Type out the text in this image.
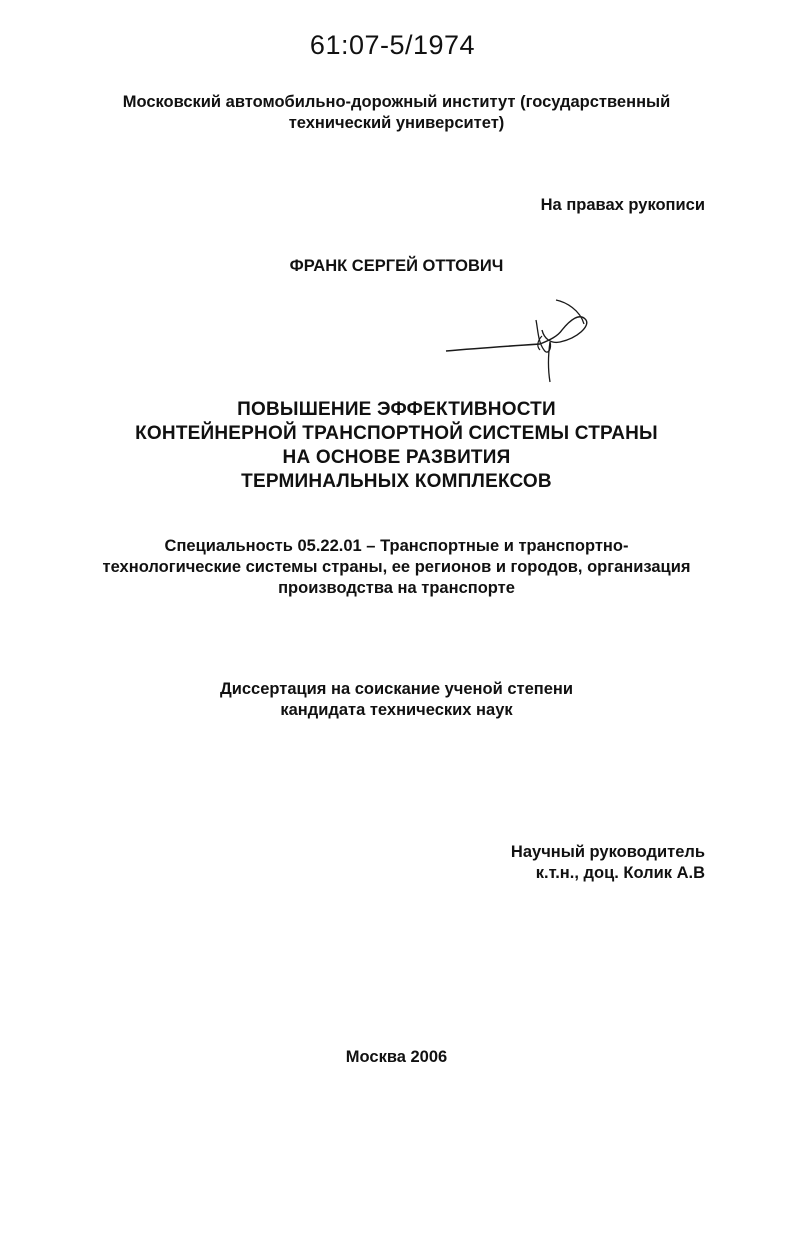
61:07-5/1974
Московский автомобильно-дорожный институт (государственный
технический университет)
На правах рукописи
ФРАНК СЕРГЕЙ ОТТОВИЧ
ПОВЫШЕНИЕ ЭФФЕКТИВНОСТИ
КОНТЕЙНЕРНОЙ ТРАНСПОРТНОЙ СИСТЕМЫ СТРАНЫ
НА ОСНОВЕ РАЗВИТИЯ
ТЕРМИНАЛЬНЫХ КОМПЛЕКСОВ
Специальность 05.22.01 – Транспортные и транспортно-
технологические системы страны, ее регионов и городов, организация
производства на транспорте
Диссертация на соискание ученой степени
кандидата технических наук
Научный руководитель
к.т.н., доц. Колик А.В
Москва 2006
